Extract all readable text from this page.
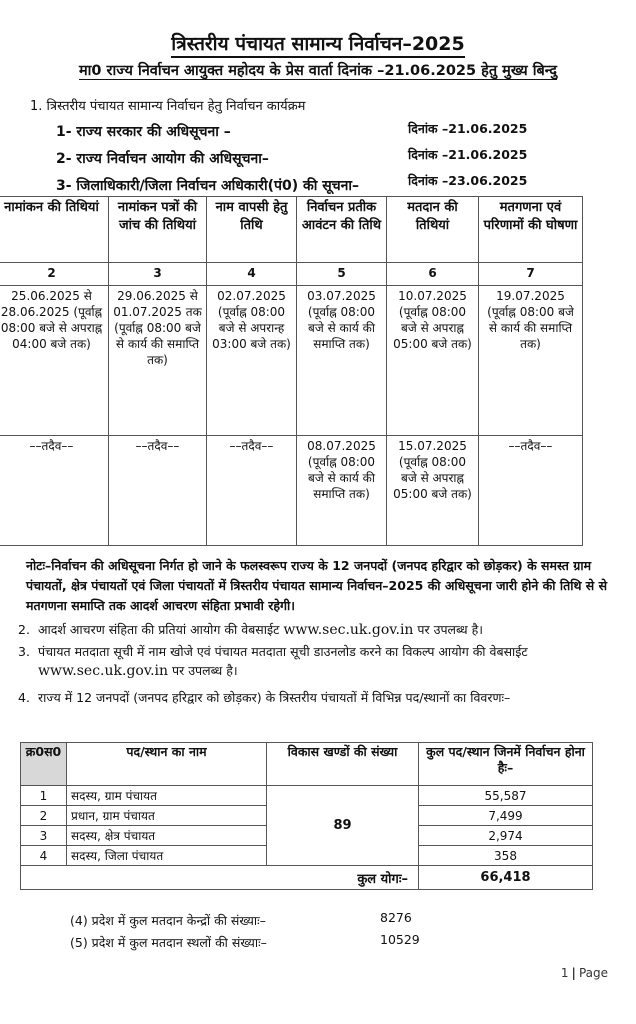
त्रिस्तरीय पंचायत सामान्य निर्वाचन–2025
मा0 राज्य निर्वाचन आयुक्त महोदय के प्रेस वार्ता दिनांक –21.06.2025 हेतु मुख्य बिन्दु
1. त्रिस्तरीय पंचायत सामान्य निर्वाचन हेतु निर्वाचन कार्यक्रम
1- राज्य सरकार की अधिसूचना –	दिनांक –21.06.2025
2- राज्य निर्वाचन आयोग की अधिसूचना–	दिनांक –21.06.2025
3- जिलाधिकारी/जिला निर्वाचन अधिकारी(पं0) की सूचना–	दिनांक –23.06.2025
नामांकन की तिथियां	नामांकन पत्रों की जांच की तिथियां	नाम वापसी हेतु तिथि	निर्वाचन प्रतीक आवंटन की तिथि	मतदान की तिथियां	मतगणना एवं परिणामों की घोषणा
2	3	4	5	6	7
25.06.2025 से 28.06.2025 (पूर्वाह्न 08:00 बजे से अपराह्न 04:00 बजे तक)	29.06.2025 से 01.07.2025 तक (पूर्वाह्न 08:00 बजे से कार्य की समाप्ति तक)	02.07.2025 (पूर्वाह्न 08:00 बजे से अपरान्ह 03:00 बजे तक)	03.07.2025 (पूर्वाह्न 08:00 बजे से कार्य की समाप्ति तक)	10.07.2025 (पूर्वाह्न 08:00 बजे से अपराह्न 05:00 बजे तक)	19.07.2025 (पूर्वाह्न 08:00 बजे से कार्य की समाप्ति तक)
––तदैव––	––तदैव––	––तदैव––	08.07.2025 (पूर्वाह्न 08:00 बजे से कार्य की समाप्ति तक)	15.07.2025 (पूर्वाह्न 08:00 बजे से अपराह्न 05:00 बजे तक)	––तदैव––
नोटः–निर्वाचन की अधिसूचना निर्गत हो जाने के फलस्वरूप राज्य के 12 जनपदों (जनपद हरिद्वार को छोड़कर) के समस्त ग्राम पंचायतों, क्षेत्र पंचायतों एवं जिला पंचायतों में त्रिस्तरीय पंचायत सामान्य निर्वाचन–2025 की अधिसूचना जारी होने की तिथि से से मतगणना समाप्ति तक आदर्श आचरण संहिता प्रभावी रहेगी।
2. आदर्श आचरण संहिता की प्रतियां आयोग की वेबसाईट www.sec.uk.gov.in पर उपलब्ध है।
3. पंचायत मतदाता सूची में नाम खोजे एवं पंचायत मतदाता सूची डाउनलोड करने का विकल्प आयोग की वेबसाईट www.sec.uk.gov.in पर उपलब्ध है।
4. राज्य में 12 जनपदों (जनपद हरिद्वार को छोड़कर) के त्रिस्तरीय पंचायतों में विभिन्न पद/स्थानों का विवरणः–
क्र0स0	पद/स्थान का नाम	विकास खण्डों की संख्या	कुल पद/स्थान जिनमें निर्वाचन होना हैः–
1	सदस्य, ग्राम पंचायत	89	55,587
2	प्रधान, ग्राम पंचायत		7,499
3	सदस्य, क्षेत्र पंचायत		2,974
4	सदस्य, जिला पंचायत		358
कुल योगः–			66,418
(4) प्रदेश में कुल मतदान केन्द्रों की संख्याः–	8276
(5) प्रदेश में कुल मतदान स्थलों की संख्याः–	10529
1 | Page
